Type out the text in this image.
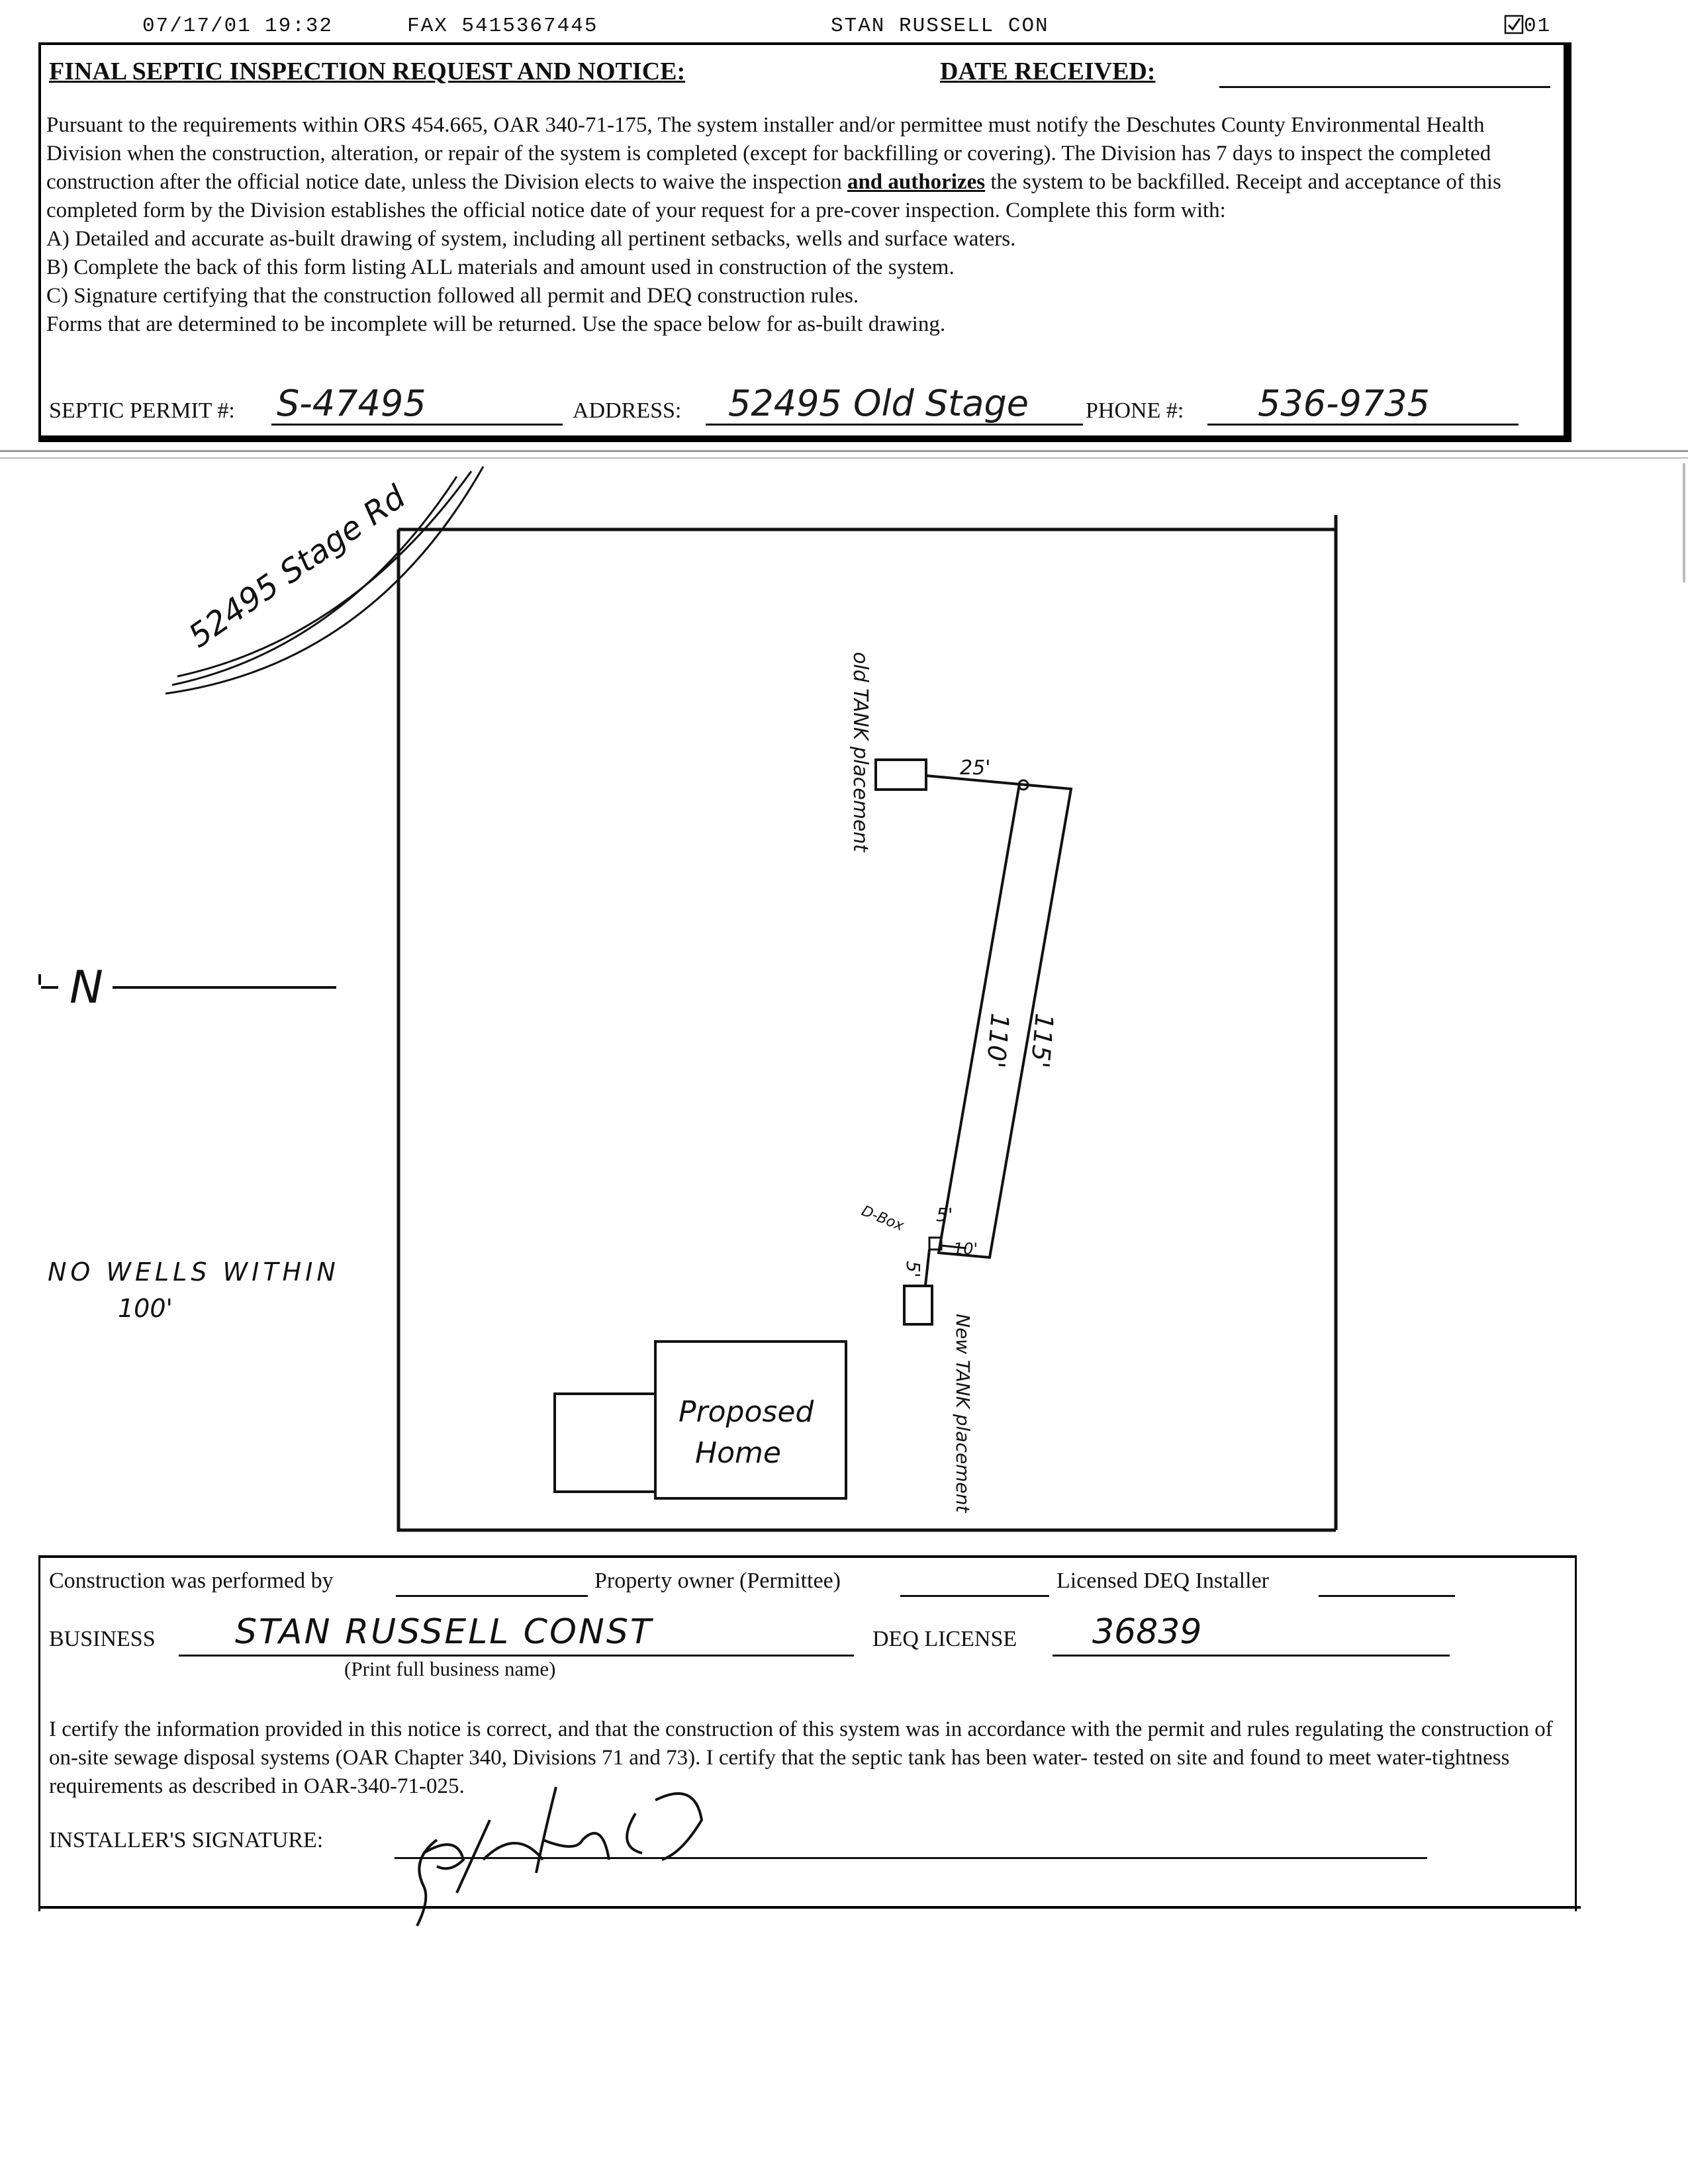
07/17/01 19:32	FAX 5415367445	STAN RUSSELL CON	01
FINAL SEPTIC INSPECTION REQUEST AND NOTICE:	DATE RECEIVED:

Pursuant to the requirements within ORS 454.665, OAR 340-71-175, The system installer and/or permittee must notify the Deschutes County Environmental Health Division when the construction, alteration, or repair of the system is completed (except for backfilling or covering). The Division has 7 days to inspect the completed construction after the official notice date, unless the Division elects to waive the inspection and authorizes the system to be backfilled. Receipt and acceptance of this completed form by the Division establishes the official notice date of your request for a pre-cover inspection. Complete this form with:

A) Detailed and accurate as-built drawing of system, including all pertinent setbacks, wells and surface waters.

B) Complete the back of this form listing ALL materials and amount used in construction of the system.

C) Signature certifying that the construction followed all permit and DEQ construction rules.

Forms that are determined to be incomplete will be returned. Use the space below for as-built drawing.

SEPTIC PERMIT #: S-47495	ADDRESS: 52495 Old Stage	PHONE #: 536-9735
52495 Stage Rd
N
NO WELLS WITHIN
100'
old TANK placement	25'
110' 115'
D-Box 5'
10'
5'
New TANK placement
Proposed
Home
Construction was performed by	Property owner (Permittee)	Licensed DEQ Installer
BUSINESS STAN RUSSELL CONST
(Print full business name)
DEQ LICENSE 36839

I certify the information provided in this notice is correct, and that the construction of this system was in accordance with the permit and rules regulating the construction of on-site sewage disposal systems (OAR Chapter 340, Divisions 71 and 73). I certify that the septic tank has been water- tested on site and found to meet water-tightness requirements as described in OAR-340-71-025.

INSTALLER'S SIGNATURE:
